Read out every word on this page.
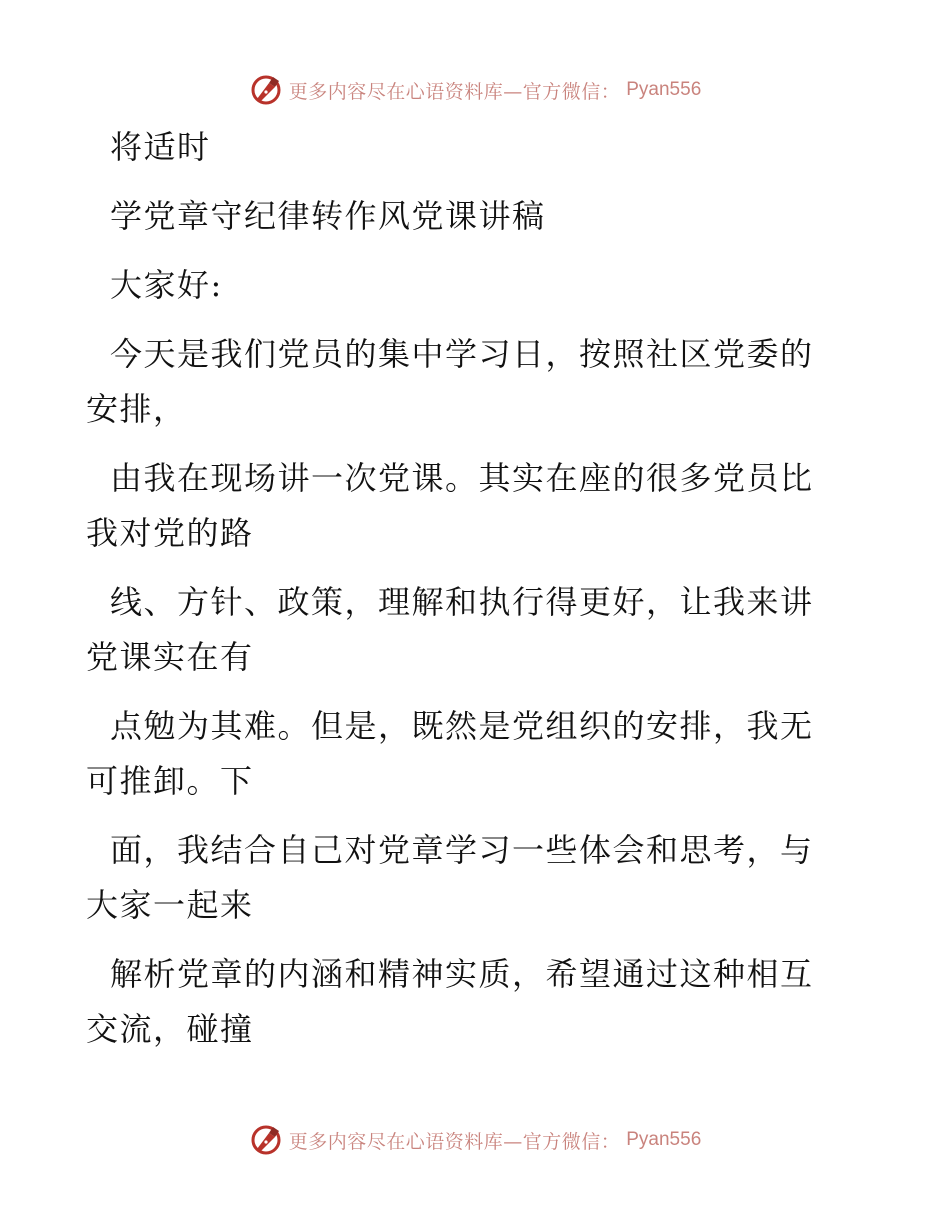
更多内容尽在心语资料库—官方微信： Pyan556

将适时

学党章守纪律转作风党课讲稿

大家好:

今天是我们党员的集中学习日，按照社区党委的
安排，

由我在现场讲一次党课。其实在座的很多党员比
我对党的路

线、方针、政策，理解和执行得更好，让我来讲
党课实在有

点勉为其难。但是，既然是党组织的安排，我无
可推卸。下

面，我结合自己对党章学习一些体会和思考，与
大家一起来

解析党章的内涵和精神实质，希望通过这种相互
交流，碰撞

更多内容尽在心语资料库—官方微信： Pyan556
